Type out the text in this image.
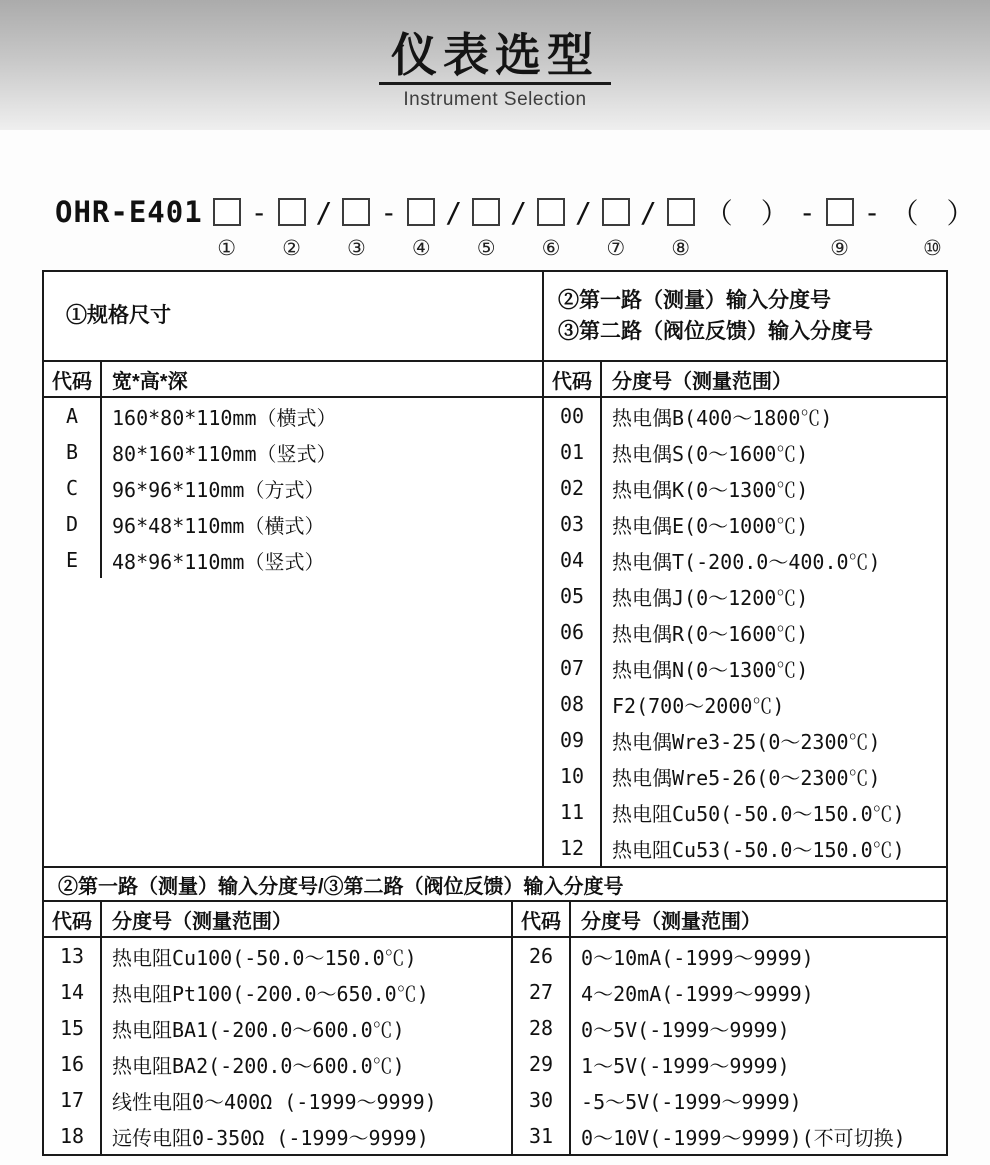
仪表选型
Instrument Selection
OHR-E401
①
-
②
/
③
-
④
/
⑤
/
⑥
/
⑦
/
⑧
（　） -
⑨
- （　）
⑩
①规格尺寸
代码	宽*高*深
A	160*80*110mm（横式）
B	80*160*110mm（竖式）
C	96*96*110mm（方式）
D	96*48*110mm（横式）
E	48*96*110mm（竖式）
②第一路（测量）输入分度号
③第二路（阀位反馈）输入分度号
代码	分度号（测量范围）
00	热电偶B(400～1800℃)
01	热电偶S(0～1600℃)
02	热电偶K(0～1300℃)
03	热电偶E(0～1000℃)
04	热电偶T(-200.0～400.0℃)
05	热电偶J(0～1200℃)
06	热电偶R(0～1600℃)
07	热电偶N(0～1300℃)
08	F2(700～2000℃)
09	热电偶Wre3-25(0～2300℃)
10	热电偶Wre5-26(0～2300℃)
11	热电阻Cu50(-50.0～150.0℃)
12	热电阻Cu53(-50.0～150.0℃)
②第一路（测量）输入分度号/③第二路（阀位反馈）输入分度号
代码	分度号（测量范围）
13	热电阻Cu100(-50.0～150.0℃)
14	热电阻Pt100(-200.0～650.0℃)
15	热电阻BA1(-200.0～600.0℃)
16	热电阻BA2(-200.0～600.0℃)
17	线性电阻0～400Ω (-1999～9999)
18	远传电阻0-350Ω (-1999～9999)
代码	分度号（测量范围）
26	0～10mA(-1999～9999)
27	4～20mA(-1999～9999)
28	0～5V(-1999～9999)
29	1～5V(-1999～9999)
30	-5～5V(-1999～9999)
31	0～10V(-1999～9999)(不可切换)
